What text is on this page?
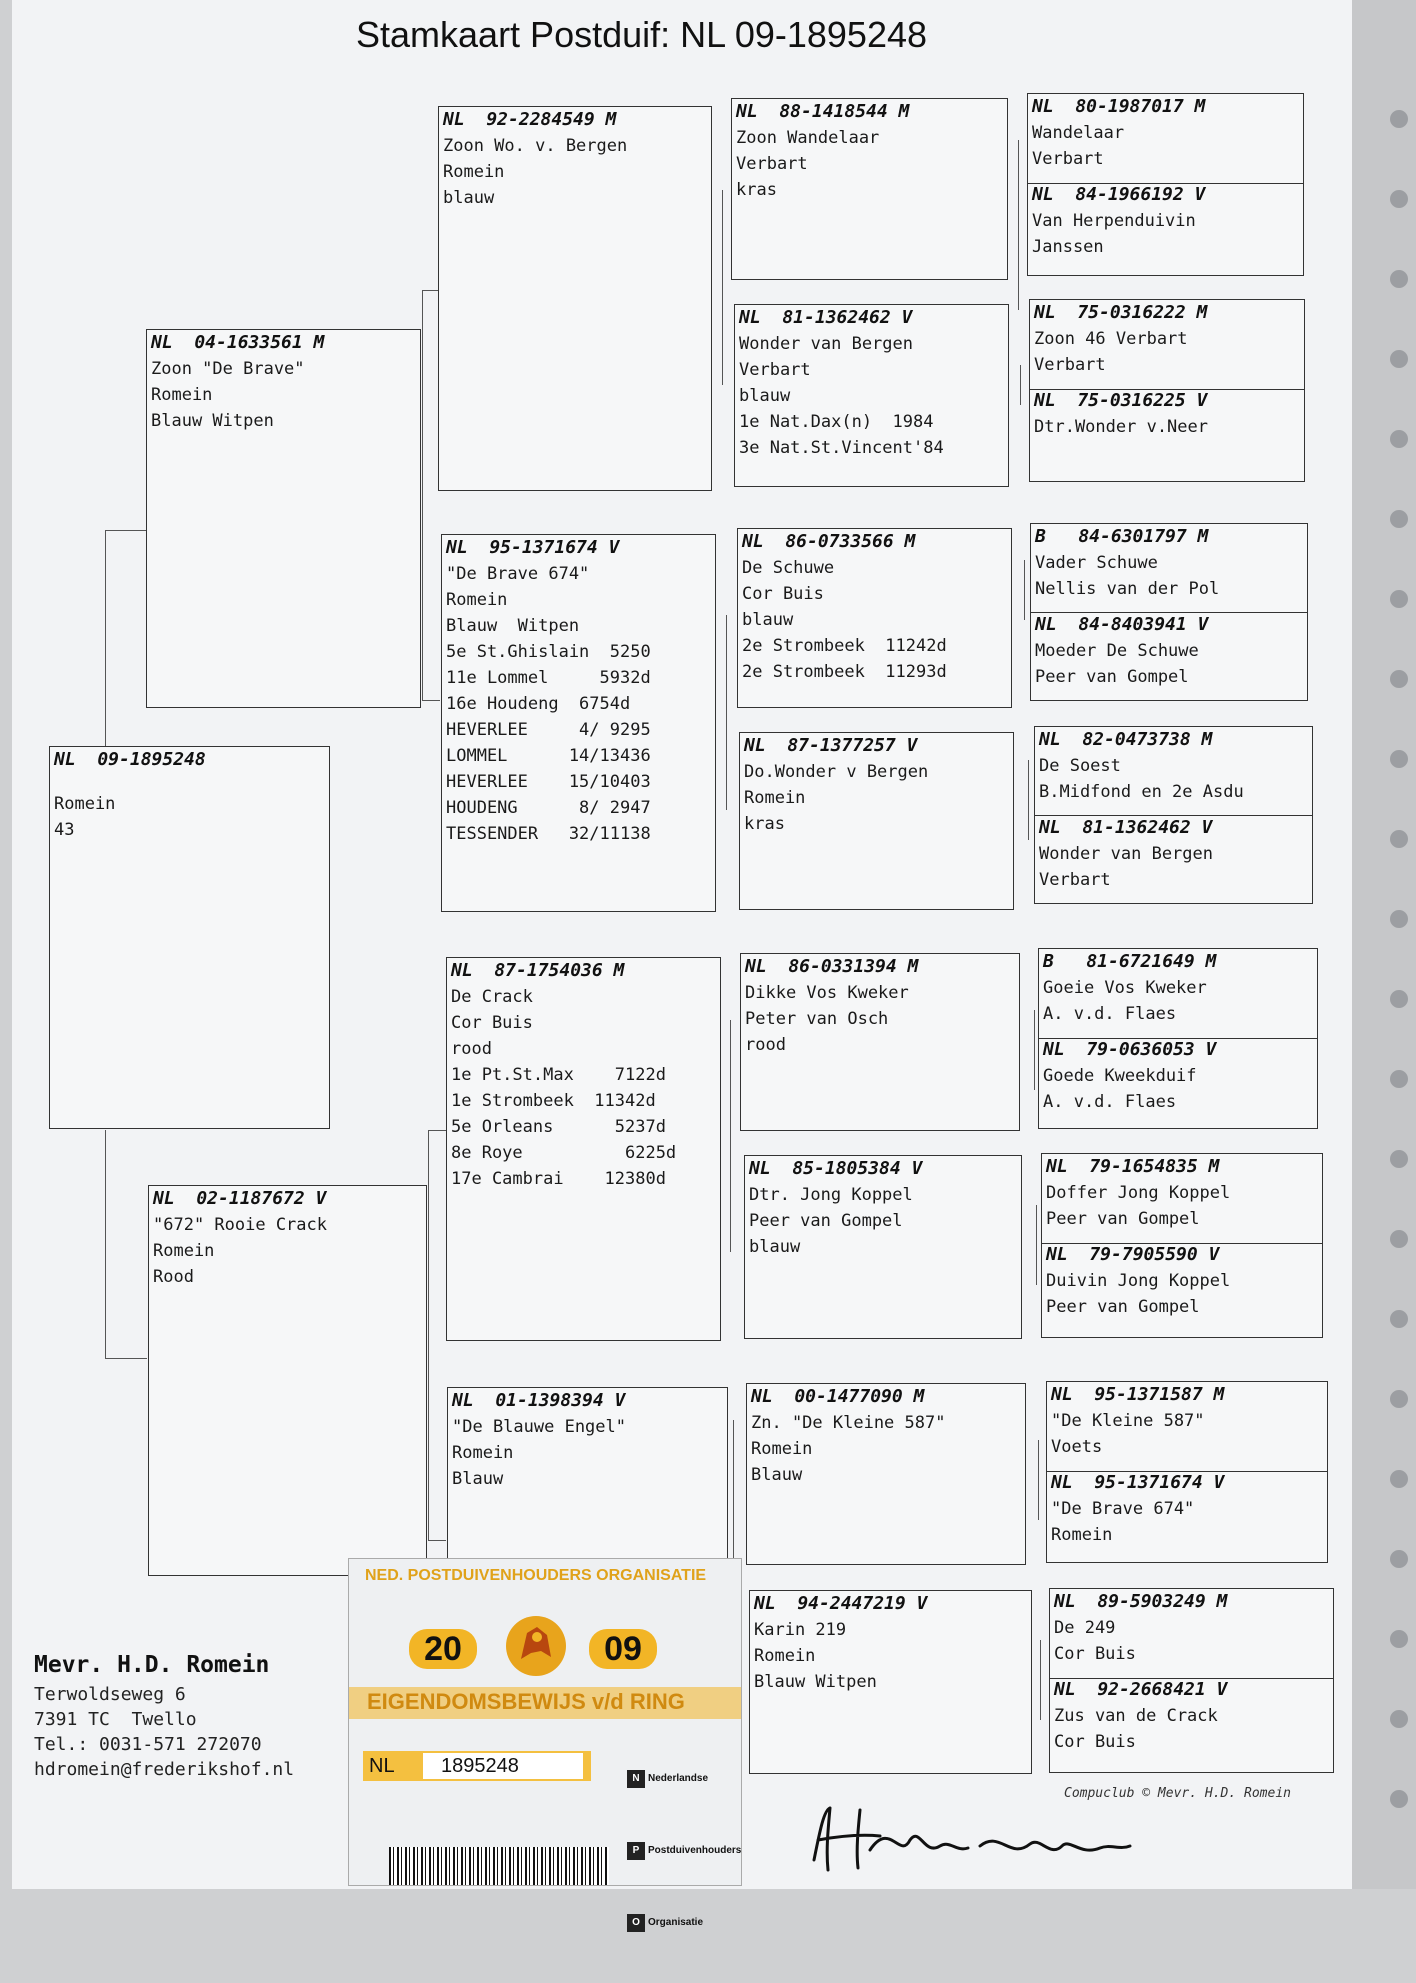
Stamkaart Postduif: NL 09-1895248
NL  09-1895248
Romein
43
NL  04-1633561 M
Zoon "De Brave"
Romein
Blauw Witpen
NL  02-1187672 V
"672" Rooie Crack
Romein
Rood
NL  92-2284549 M
Zoon Wo. v. Bergen
Romein
blauw
NL  95-1371674 V
"De Brave 674"
Romein
Blauw  Witpen
5e St.Ghislain  5250
11e Lommel     5932d
16e Houdeng  6754d
HEVERLEE     4/ 9295
LOMMEL      14/13436
HEVERLEE    15/10403
HOUDENG      8/ 2947
TESSENDER   32/11138
NL  87-1754036 M
De Crack
Cor Buis
rood
1e Pt.St.Max    7122d
1e Strombeek  11342d
5e Orleans      5237d
8e Roye          6225d
17e Cambrai    12380d
NL  01-1398394 V
"De Blauwe Engel"
Romein
Blauw
NL  88-1418544 M
Zoon Wandelaar
Verbart
kras
NL  81-1362462 V
Wonder van Bergen
Verbart
blauw
1e Nat.Dax(n)  1984
3e Nat.St.Vincent'84
NL  86-0733566 M
De Schuwe
Cor Buis
blauw
2e Strombeek  11242d
2e Strombeek  11293d
NL  87-1377257 V
Do.Wonder v Bergen
Romein
kras
NL  86-0331394 M
Dikke Vos Kweker
Peter van Osch
rood
NL  85-1805384 V
Dtr. Jong Koppel
Peer van Gompel
blauw
NL  00-1477090 M
Zn. "De Kleine 587"
Romein
Blauw
NL  94-2447219 V
Karin 219
Romein
Blauw Witpen
NL  80-1987017 M
Wandelaar
Verbart
NL  84-1966192 V
Van Herpenduivin
Janssen
NL  75-0316222 M
Zoon 46 Verbart
Verbart
NL  75-0316225 V
Dtr.Wonder v.Neer
B   84-6301797 M
Vader Schuwe
Nellis van der Pol
NL  84-8403941 V
Moeder De Schuwe
Peer van Gompel
NL  82-0473738 M
De Soest
B.Midfond en 2e Asdu
NL  81-1362462 V
Wonder van Bergen
Verbart
B   81-6721649 M
Goeie Vos Kweker
A. v.d. Flaes
NL  79-0636053 V
Goede Kweekduif
A. v.d. Flaes
NL  79-1654835 M
Doffer Jong Koppel
Peer van Gompel
NL  79-7905590 V
Duivin Jong Koppel
Peer van Gompel
NL  95-1371587 M
"De Kleine 587"
Voets
NL  95-1371674 V
"De Brave 674"
Romein
NL  89-5903249 M
De 249
Cor Buis
NL  92-2668421 V
Zus van de Crack
Cor Buis
Mevr. H.D. Romein
Terwoldseweg 6
7391 TC  Twello
Tel.: 0031-571 272070
hdromein@frederikshof.nl
Compuclub © Mevr. H.D. Romein
NED. POSTDUIVENHOUDERS ORGANISATIE
20	09
EIGENDOMSBEWIJS v/d RING
NL	1895248

N Nederlandse

P Postduivenhouders

O Organisatie
